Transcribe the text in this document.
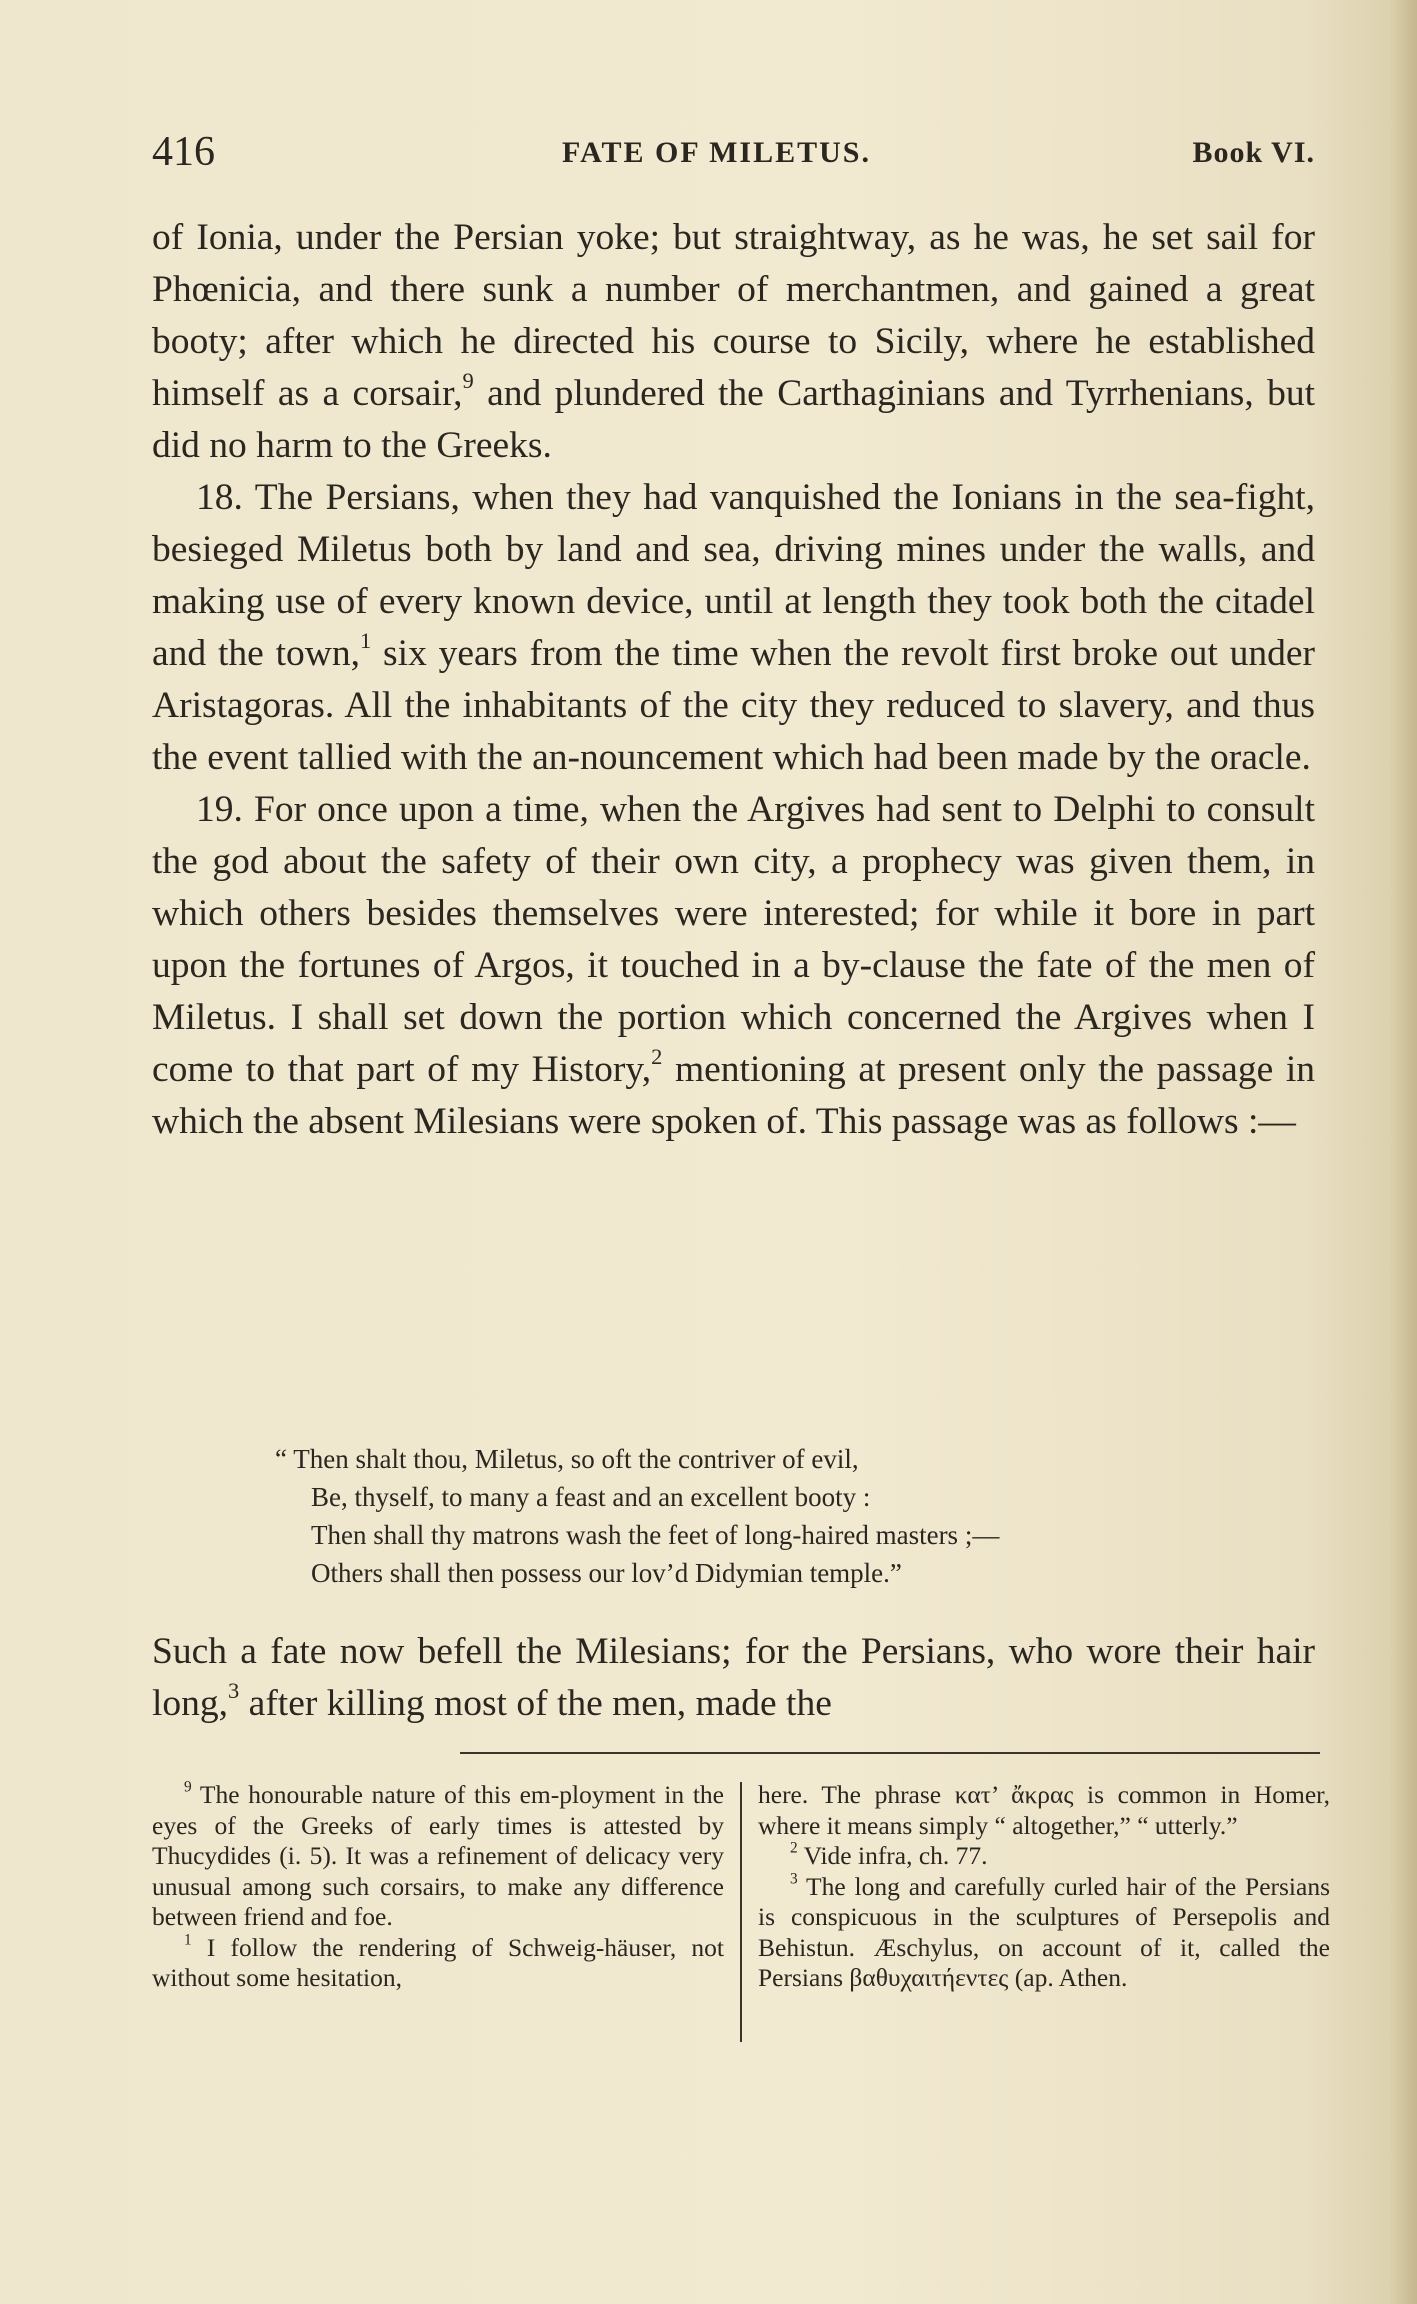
416	FATE OF MILETUS.	Book VI.

of Ionia, under the Persian yoke; but straightway, as he was, he set sail for Phœnicia, and there sunk a number of merchantmen, and gained a great booty; after which he directed his course to Sicily, where he established himself as a corsair,$^9$ and plundered the Carthaginians and Tyrrhenians, but did no harm to the Greeks.

18. The Persians, when they had vanquished the Ionians in the sea-fight, besieged Miletus both by land and sea, driving mines under the walls, and making use of every known device, until at length they took both the citadel and the town,$^1$ six years from the time when the revolt first broke out under Aristagoras. All the inhabitants of the city they reduced to slavery, and thus the event tallied with the an-nouncement which had been made by the oracle.

19. For once upon a time, when the Argives had sent to Delphi to consult the god about the safety of their own city, a prophecy was given them, in which others besides themselves were interested; for while it bore in part upon the fortunes of Argos, it touched in a by-clause the fate of the men of Miletus. I shall set down the portion which concerned the Argives when I come to that part of my History,$^2$ mentioning at present only the passage in which the absent Milesians were spoken of. This passage was as follows :—

“ Then shalt thou, Miletus, so oft the contriver of evil,
Be, thyself, to many a feast and an excellent booty :
Then shall thy matrons wash the feet of long-haired masters ;—
Others shall then possess our lov’d Didymian temple.”
Such a fate now befell the Milesians; for the Persians, who wore their hair long,$^3$ after killing most of the men, made the

$^9$ The honourable nature of this em-ployment in the eyes of the Greeks of early times is attested by Thucydides (i. 5). It was a refinement of delicacy very unusual among such corsairs, to make any difference between friend and foe.

$^1$ I follow the rendering of Schweig-häuser, not without some hesitation,

here. The phrase κατ’ ἄκρας is common in Homer, where it means simply “ altogether,” “ utterly.”

$^2$ Vide infra, ch. 77.

$^3$ The long and carefully curled hair of the Persians is conspicuous in the sculptures of Persepolis and Behistun. Æschylus, on account of it, called the Persians βαθυχαιτήεντες (ap. Athen.
